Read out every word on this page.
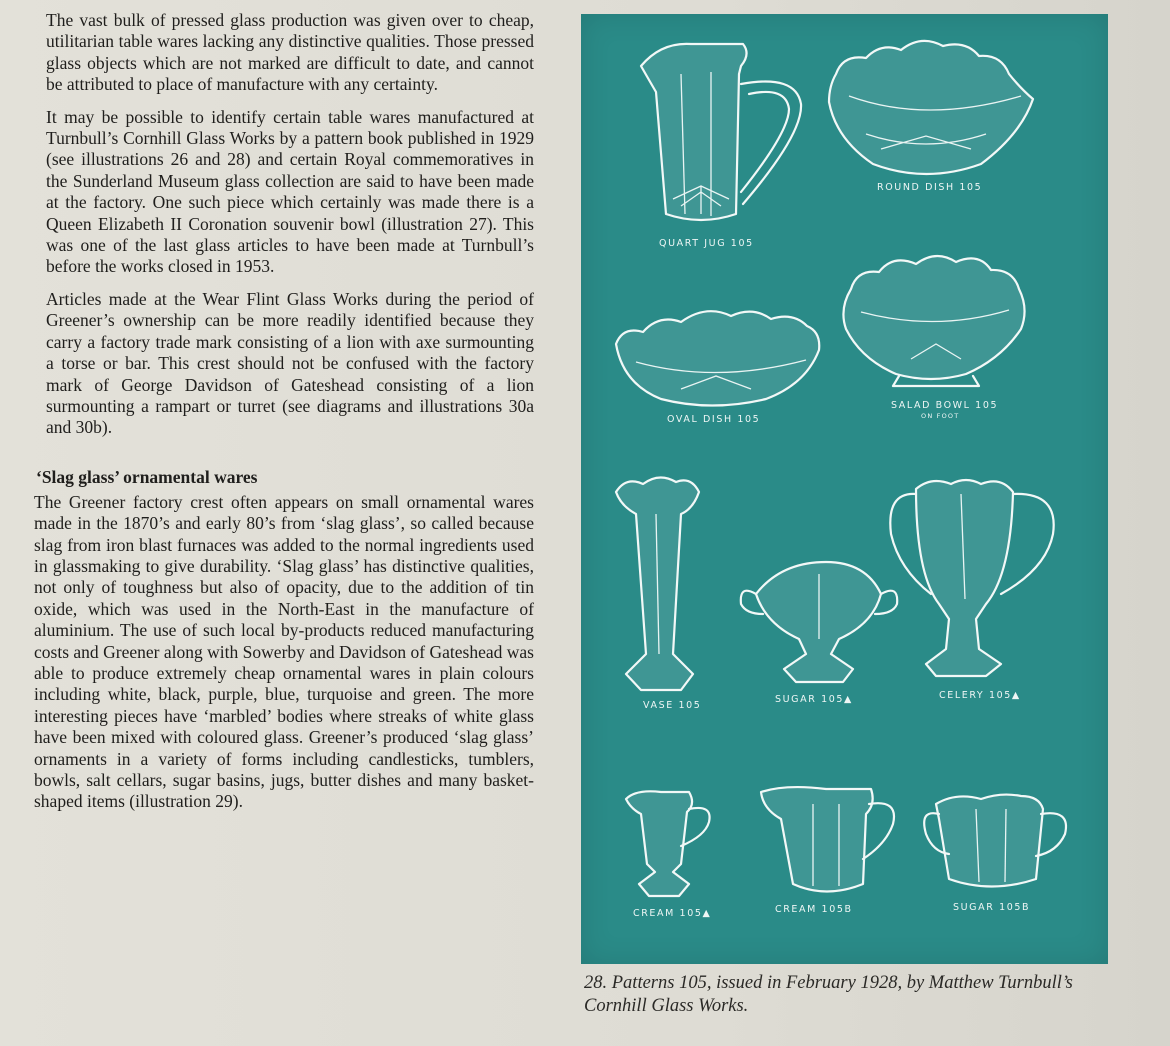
The vast bulk of pressed glass production was given over to cheap, utilitarian table wares lacking any distinctive qualities. Those pressed glass objects which are not marked are difficult to date, and cannot be attributed to place of manufacture with any certainty.

It may be possible to identify certain table wares manufactured at Turnbull’s Cornhill Glass Works by a pattern book published in 1929 (see illustrations 26 and 28) and certain Royal commemoratives in the Sunderland Museum glass collection are said to have been made at the factory. One such piece which certainly was made there is a Queen Elizabeth II Coronation souvenir bowl (illustration 27). This was one of the last glass articles to have been made at Turnbull’s before the works closed in 1953.

Articles made at the Wear Flint Glass Works during the period of Greener’s ownership can be more readily identified because they carry a factory trade mark consisting of a lion with axe surmounting a torse or bar. This crest should not be confused with the factory mark of George Davidson of Gateshead consisting of a lion surmounting a rampart or turret (see diagrams and illustrations 30a and 30b).

‘Slag glass’ ornamental wares

The Greener factory crest often appears on small ornamental wares made in the 1870’s and early 80’s from ‘slag glass’, so called because slag from iron blast furnaces was added to the normal ingredients used in glassmaking to give durability. ‘Slag glass’ has distinctive qualities, not only of toughness but also of opacity, due to the addition of tin oxide, which was used in the North-East in the manufacture of aluminium. The use of such local by-products reduced manufacturing costs and Greener along with Sowerby and Davidson of Gateshead was able to produce extremely cheap ornamental wares in plain colours including white, black, purple, blue, turquoise and green. The more interesting pieces have ‘marbled’ bodies where streaks of white glass have been mixed with coloured glass. Greener’s produced ‘slag glass’ ornaments in a variety of forms including candlesticks, tumblers, bowls, salt cellars, sugar basins, jugs, butter dishes and many basket-shaped items (illustration 29).

QUART JUG 105
ROUND DISH 105
OVAL DISH 105
SALAD BOWL 105
ON FOOT
VASE 105
SUGAR 105▲	CELERY 105▲
CREAM 105▲	CREAM 105B	SUGAR 105B
28. Patterns 105, issued in February 1928, by Matthew Turnbull’s Cornhill Glass Works.
